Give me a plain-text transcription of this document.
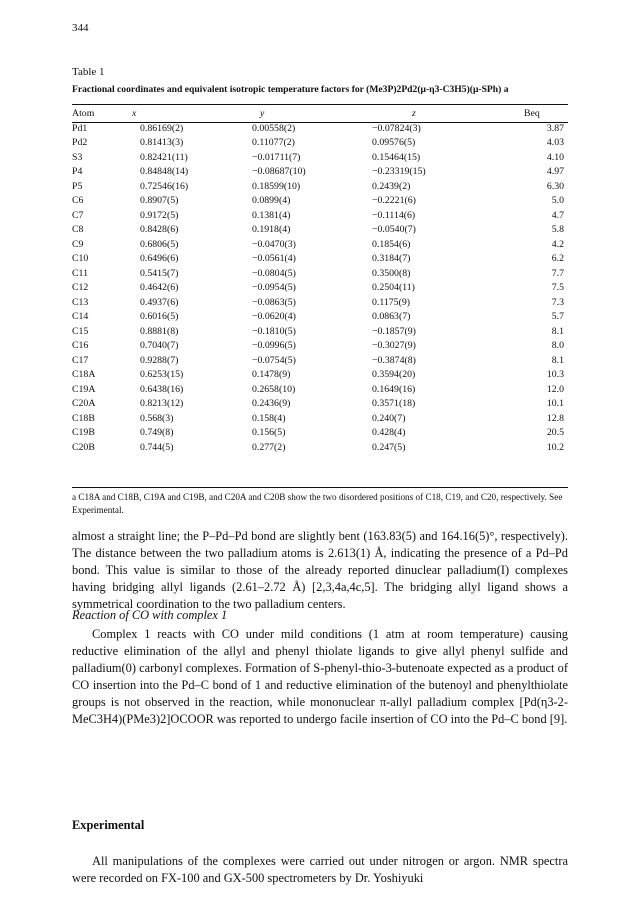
344
Table 1
Fractional coordinates and equivalent isotropic temperature factors for (Me3P)2Pd2(μ-η3-C3H5)(μ-SPh) a
Atom	x	y	z	Beq
Pd1	0.86169(2)	0.00558(2)	−0.07824(3)	3.87
Pd2	0.81413(3)	0.11077(2)	0.09576(5)	4.03
S3	0.82421(11)	−0.01711(7)	0.15464(15)	4.10
P4	0.84848(14)	−0.08687(10)	−0.23319(15)	4.97
P5	0.72546(16)	0.18599(10)	0.2439(2)	6.30
C6	0.8907(5)	0.0899(4)	−0.2221(6)	5.0
C7	0.9172(5)	0.1381(4)	−0.1114(6)	4.7
C8	0.8428(6)	0.1918(4)	−0.0540(7)	5.8
C9	0.6806(5)	−0.0470(3)	0.1854(6)	4.2
C10	0.6496(6)	−0.0561(4)	0.3184(7)	6.2
C11	0.5415(7)	−0.0804(5)	0.3500(8)	7.7
C12	0.4642(6)	−0.0954(5)	0.2504(11)	7.5
C13	0.4937(6)	−0.0863(5)	0.1175(9)	7.3
C14	0.6016(5)	−0.0620(4)	0.0863(7)	5.7
C15	0.8881(8)	−0.1810(5)	−0.1857(9)	8.1
C16	0.7040(7)	−0.0996(5)	−0.3027(9)	8.0
C17	0.9288(7)	−0.0754(5)	−0.3874(8)	8.1
C18A	0.6253(15)	0.1478(9)	0.3594(20)	10.3
C19A	0.6438(16)	0.2658(10)	0.1649(16)	12.0
C20A	0.8213(12)	0.2436(9)	0.3571(18)	10.1
C18B	0.568(3)	0.158(4)	0.240(7)	12.8
C19B	0.749(8)	0.156(5)	0.428(4)	20.5
C20B	0.744(5)	0.277(2)	0.247(5)	10.2
a C18A and C18B, C19A and C19B, and C20A and C20B show the two disordered positions of C18, C19, and C20, respectively. See Experimental.
almost a straight line; the P–Pd–Pd bond are slightly bent (163.83(5) and 164.16(5)°, respectively). The distance between the two palladium atoms is 2.613(1) Å, indicating the presence of a Pd–Pd bond. This value is similar to those of the already reported dinuclear palladium(I) complexes having bridging allyl ligands (2.61–2.72 Å) [2,3,4a,4c,5]. The bridging allyl ligand shows a symmetrical coordination to the two palladium centers.
Reaction of CO with complex 1
Complex 1 reacts with CO under mild conditions (1 atm at room temperature) causing reductive elimination of the allyl and phenyl thiolate ligands to give allyl phenyl sulfide and palladium(0) carbonyl complexes. Formation of S-phenyl-thio-3-butenoate expected as a product of CO insertion into the Pd–C bond of 1 and reductive elimination of the butenoyl and phenylthiolate groups is not observed in the reaction, while mononuclear π-allyl palladium complex [Pd(η3-2-MeC3H4)(PMe3)2]OCOOR was reported to undergo facile insertion of CO into the Pd–C bond [9].
Experimental
All manipulations of the complexes were carried out under nitrogen or argon. NMR spectra were recorded on FX-100 and GX-500 spectrometers by Dr. Yoshiyuki
